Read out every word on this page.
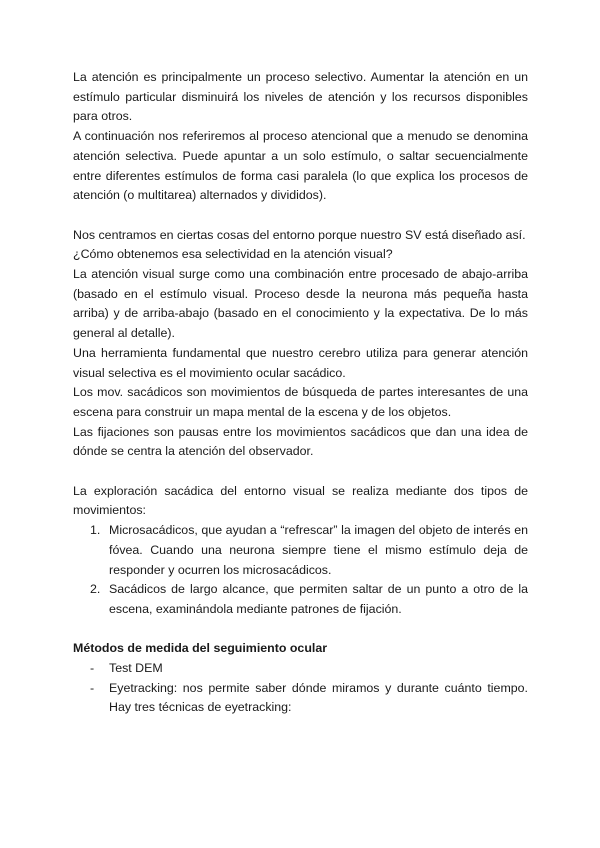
La atención es principalmente un proceso selectivo. Aumentar la atención en un estímulo particular disminuirá los niveles de atención y los recursos disponibles para otros.

A continuación nos referiremos al proceso atencional que a menudo se denomina atención selectiva. Puede apuntar a un solo estímulo, o saltar secuencialmente entre diferentes estímulos de forma casi paralela (lo que explica los procesos de atención (o multitarea) alternados y divididos).

Nos centramos en ciertas cosas del entorno porque nuestro SV está diseñado así.

¿Cómo obtenemos esa selectividad en la atención visual?

La atención visual surge como una combinación entre procesado de abajo-arriba (basado en el estímulo visual. Proceso desde la neurona más pequeña hasta arriba) y de arriba-abajo (basado en el conocimiento y la expectativa. De lo más general al detalle).

Una herramienta fundamental que nuestro cerebro utiliza para generar atención visual selectiva es el movimiento ocular sacádico.

Los mov. sacádicos son movimientos de búsqueda de partes interesantes de una escena para construir un mapa mental de la escena y de los objetos.

Las fijaciones son pausas entre los movimientos sacádicos que dan una idea de dónde se centra la atención del observador.

La exploración sacádica del entorno visual se realiza mediante dos tipos de movimientos:

1. Microsacádicos, que ayudan a “refrescar” la imagen del objeto de interés en fóvea. Cuando una neurona siempre tiene el mismo estímulo deja de responder y ocurren los microsacádicos.
2. Sacádicos de largo alcance, que permiten saltar de un punto a otro de la escena, examinándola mediante patrones de fijación.

Métodos de medida del seguimiento ocular

- Test DEM
- Eyetracking: nos permite saber dónde miramos y durante cuánto tiempo. Hay tres técnicas de eyetracking:
